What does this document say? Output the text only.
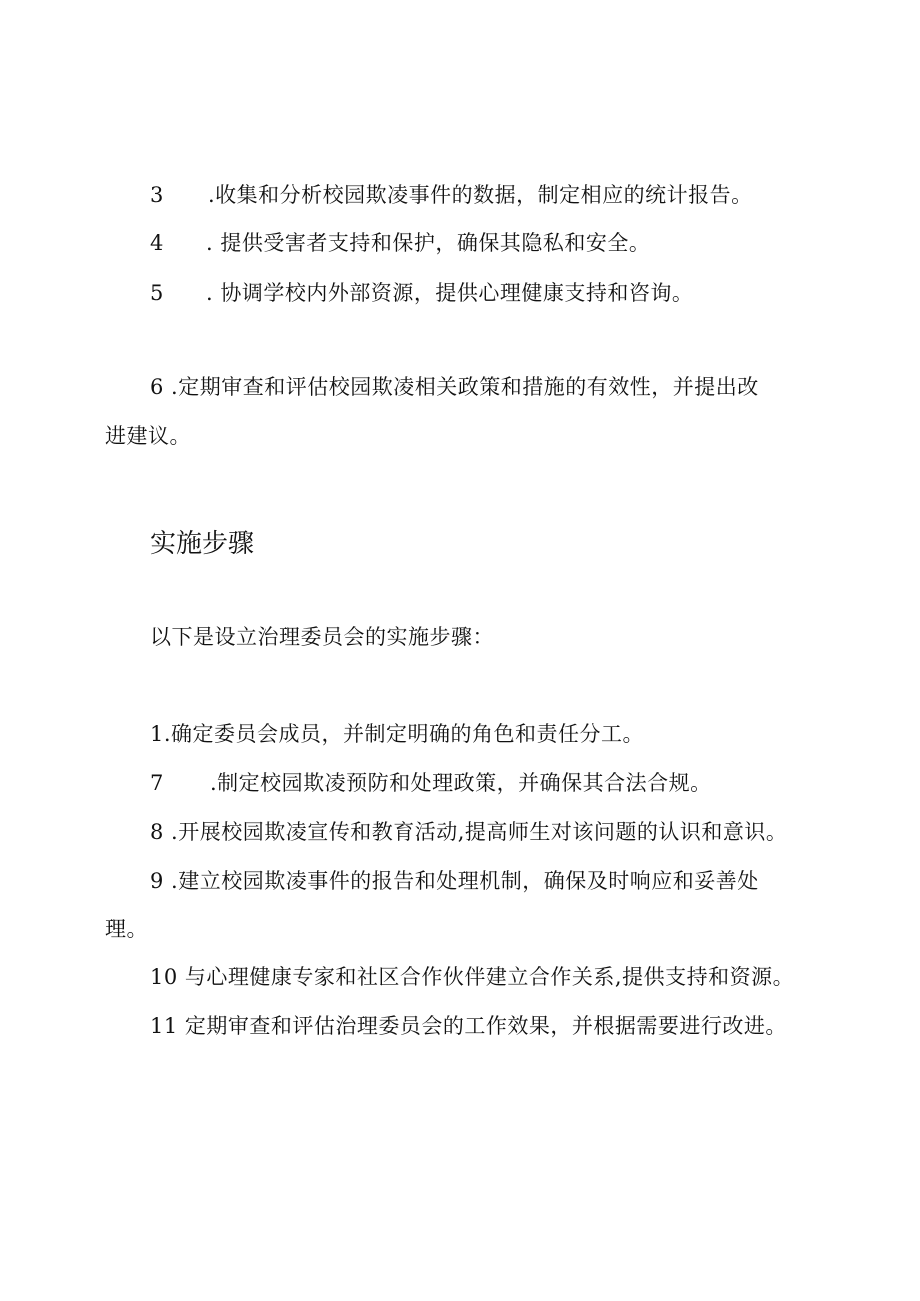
3 .收集和分析校园欺凌事件的数据，制定相应的统计报告。
4 . 提供受害者支持和保护，确保其隐私和安全。
5 . 协调学校内外部资源，提供心理健康支持和咨询。
6 .定期审查和评估校园欺凌相关政策和措施的有效性，并提出改
进建议。
实施步骤
以下是设立治理委员会的实施步骤：
1.确定委员会成员，并制定明确的角色和责任分工。
7 .制定校园欺凌预防和处理政策，并确保其合法合规。
8 .开展校园欺凌宣传和教育活动,提高师生对该问题的认识和意识。
9 .建立校园欺凌事件的报告和处理机制，确保及时响应和妥善处
理。
10 与心理健康专家和社区合作伙伴建立合作关系,提供支持和资源。
11 定期审查和评估治理委员会的工作效果，并根据需要进行改进。
